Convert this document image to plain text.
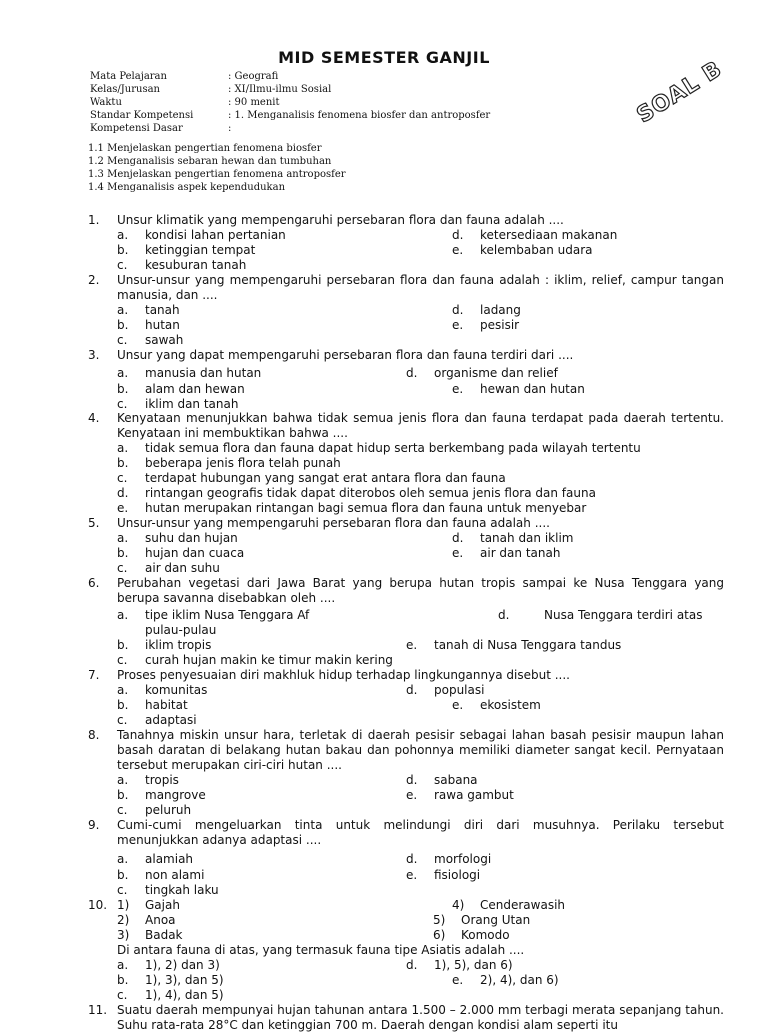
MID SEMESTER GANJIL	SOAL B
Mata Pelajaran	: Geografi
Kelas/Jurusan	: XI/Ilmu-ilmu Sosial
Waktu	: 90 menit
Standar Kompetensi	: 1. Menganalisis fenomena biosfer dan antroposfer
Kompetensi Dasar	:
1.1 Menjelaskan pengertian fenomena biosfer
1.2 Menganalisis sebaran hewan dan tumbuhan
1.3 Menjelaskan pengertian fenomena antroposfer
1.4 Menganalisis aspek kependudukan
1. Unsur klimatik yang mempengaruhi persebaran flora dan fauna adalah ....
a. kondisi lahan pertanian
b. ketinggian tempat
c. kesuburan tanah
d. ketersediaan makanan
e. kelembaban udara
2. Unsur-unsur yang mempengaruhi persebaran flora dan fauna adalah : iklim, relief, campur tangan manusia, dan ....
a. tanah
b. hutan
c. sawah
d. ladang
e. pesisir
3. Unsur yang dapat mempengaruhi persebaran flora dan fauna terdiri dari ....
a. manusia dan hutan
b. alam dan hewan
c. iklim dan tanah
d. organisme dan relief
e. hewan dan hutan
4. Kenyataan menunjukkan bahwa tidak semua jenis flora dan fauna terdapat pada daerah tertentu. Kenyataan ini membuktikan bahwa ....
a. tidak semua flora dan fauna dapat hidup serta berkembang pada wilayah tertentu
b. beberapa jenis flora telah punah
c. terdapat hubungan yang sangat erat antara flora dan fauna
d. rintangan geografis tidak dapat diterobos oleh semua jenis flora dan fauna
e. hutan merupakan rintangan bagi semua flora dan fauna untuk menyebar
5. Unsur-unsur yang mempengaruhi persebaran flora dan fauna adalah ....
a. suhu dan hujan
b. hujan dan cuaca
c. air dan suhu
d. tanah dan iklim
e. air dan tanah
6. Perubahan vegetasi dari Jawa Barat yang berupa hutan tropis sampai ke Nusa Tenggara yang berupa savanna disebabkan oleh ....
a. tipe iklim Nusa Tenggara Af	d.	Nusa Tenggara terdiri atas
pulau-pulau
b. iklim tropis	e. tanah di Nusa Tenggara tandus
c. curah hujan makin ke timur makin kering
7. Proses penyesuaian diri makhluk hidup terhadap lingkungannya disebut ....
a. komunitas
b. habitat
c. adaptasi
d. populasi
e. ekosistem
8. Tanahnya miskin unsur hara, terletak di daerah pesisir sebagai lahan basah pesisir maupun lahan basah daratan di belakang hutan bakau dan pohonnya memiliki diameter sangat kecil. Pernyataan tersebut merupakan ciri-ciri hutan ....
a. tropis
b. mangrove
c. peluruh
d. sabana
e. rawa gambut
9. Cumi-cumi mengeluarkan tinta untuk melindungi diri dari musuhnya. Perilaku tersebut menunjukkan adanya adaptasi ....
a. alamiah
b. non alami
c. tingkah laku
d. morfologi
e. fisiologi
10. 1) Gajah
2) Anoa
3) Badak
4) Cenderawasih
5) Orang Utan
6) Komodo
Di antara fauna di atas, yang termasuk fauna tipe Asiatis adalah ....
a. 1), 2) dan 3)
b. 1), 3), dan 5)
c. 1), 4), dan 5)
d. 1), 5), dan 6)
e. 2), 4), dan 6)
11. Suatu daerah mempunyai hujan tahunan antara 1.500 – 2.000 mm terbagi merata sepanjang tahun. Suhu rata-rata 28°C dan ketinggian 700 m. Daerah dengan kondisi alam seperti itu
